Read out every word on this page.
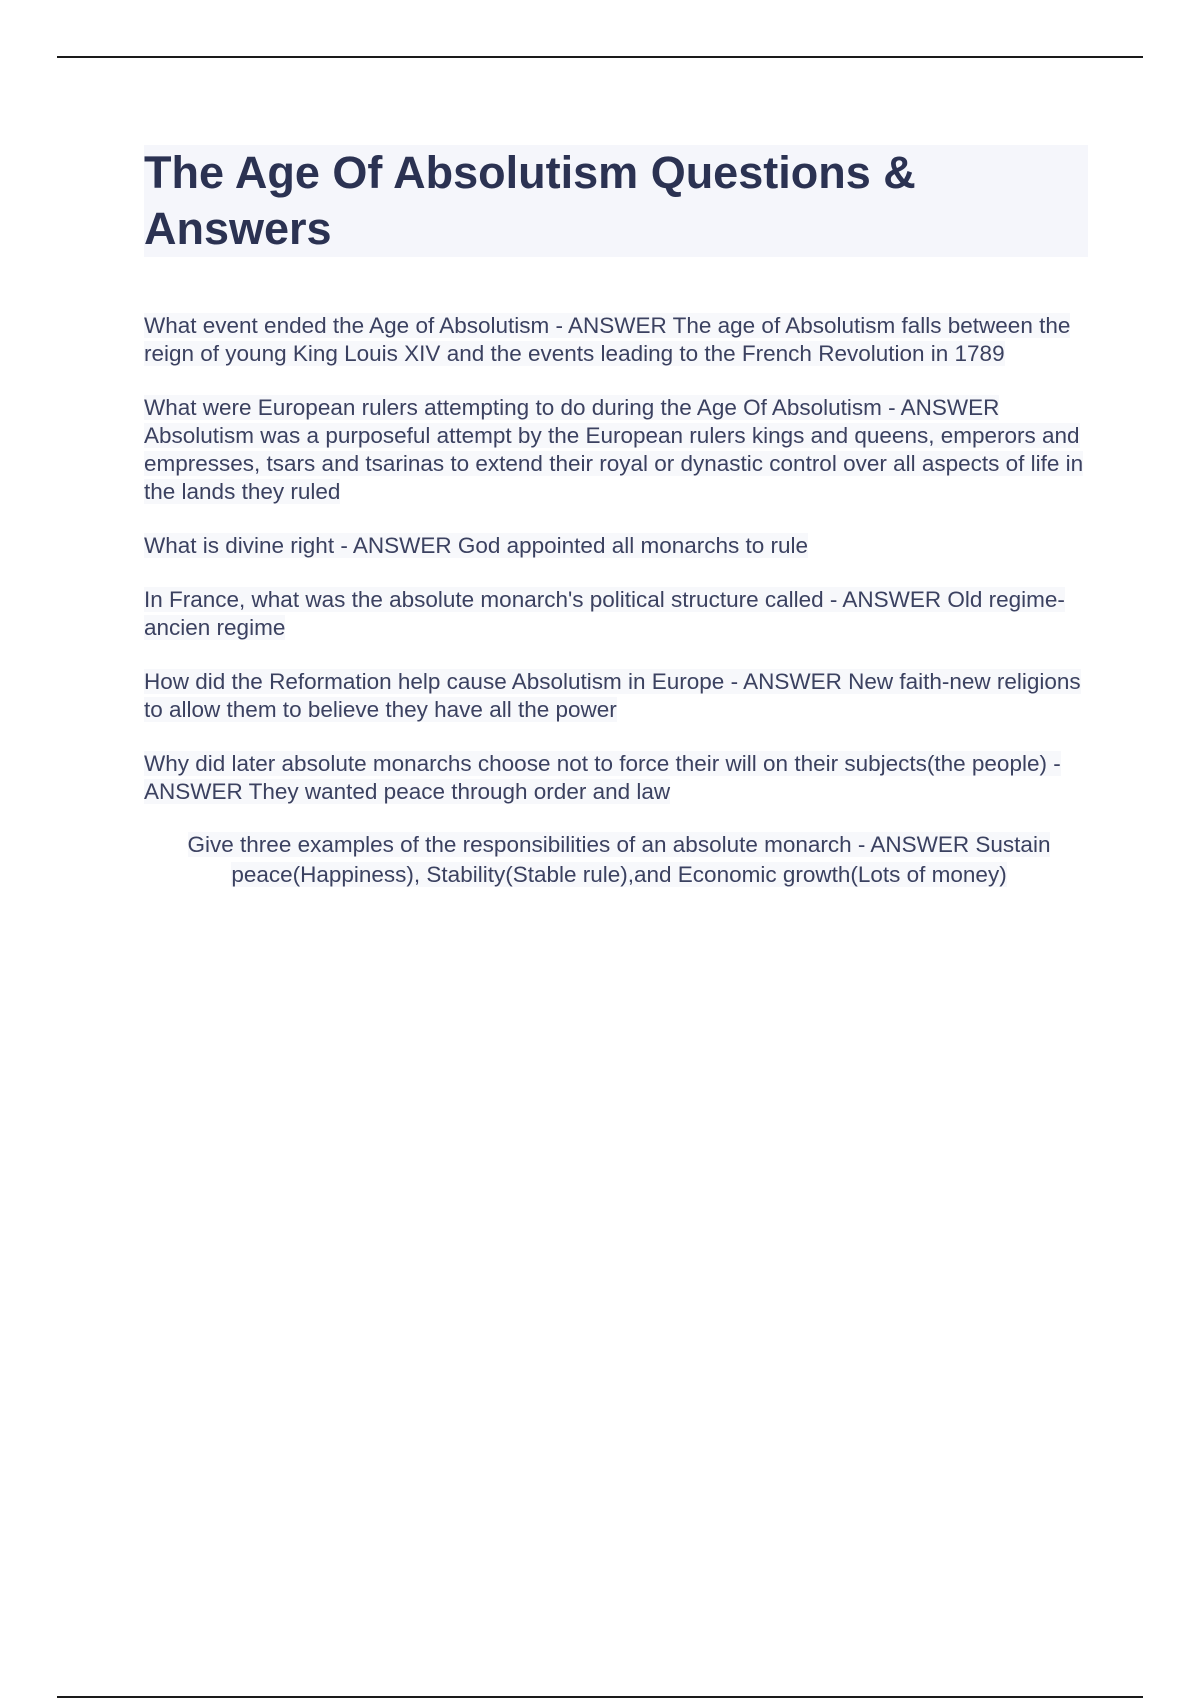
The Age Of Absolutism Questions &
Answers

What event ended the Age of Absolutism - ANSWER The age of Absolutism falls between the reign of young King Louis XIV and the events leading to the French Revolution in 1789

What were European rulers attempting to do during the Age Of Absolutism - ANSWER Absolutism was a purposeful attempt by the European rulers kings and queens, emperors and empresses, tsars and tsarinas to extend their royal or dynastic control over all aspects of life in the lands they ruled

What is divine right - ANSWER God appointed all monarchs to rule

In France, what was the absolute monarch's political structure called - ANSWER Old regime-ancien regime

How did the Reformation help cause Absolutism in Europe - ANSWER New faith-new religions to allow them to believe they have all the power

Why did later absolute monarchs choose not to force their will on their subjects(the people) - ANSWER They wanted peace through order and law

Give three examples of the responsibilities of an absolute monarch - ANSWER Sustain peace(Happiness), Stability(Stable rule),and Economic growth(Lots of money)
